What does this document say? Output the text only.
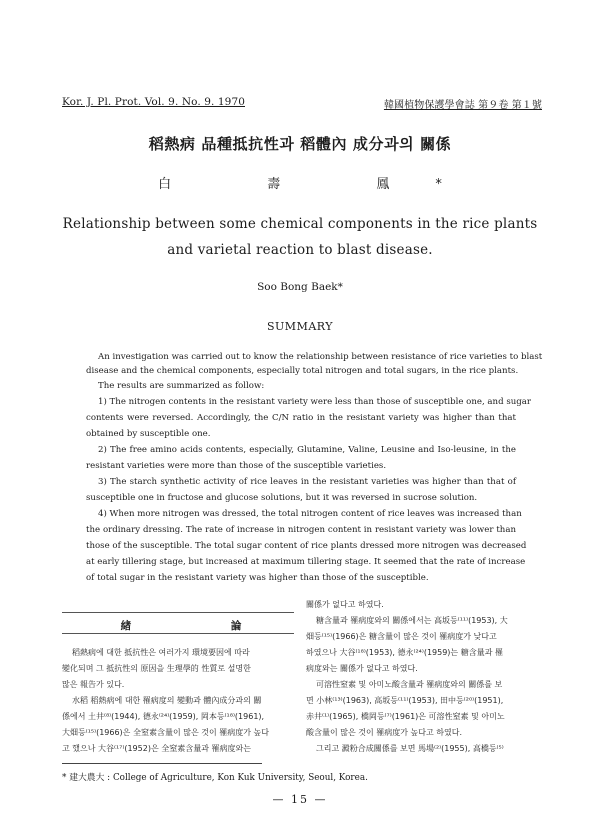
Kor. J. Pl. Prot. Vol. 9. No. 9. 1970	韓國植物保護學會誌 第９卷 第１號
稻熱病 品種抵抗性과 稻體內 成分과의 關係
白 壽 鳳*
Relationship between some chemical components in the rice plants
and varietal reaction to blast disease.
Soo Bong Baek*
SUMMARY

An investigation was carried out to know the relationship between resistance of rice varieties to blast

disease and the chemical components, especially total nitrogen and total sugars, in the rice plants.

The results are summarized as follow:

1) The nitrogen contents in the resistant variety were less than those of susceptible one, and sugar

contents were reversed. Accordingly, the C/N ratio in the resistant variety was higher than that

obtained by susceptible one.

2) The free amino acids contents, especially, Glutamine, Valine, Leusine and Iso-leusine, in the

resistant varieties were more than those of the susceptible varieties.

3) The starch synthetic activity of rice leaves in the resistant varieties was higher than that of

susceptible one in fructose and glucose solutions, but it was reversed in sucrose solution.

4) When more nitrogen was dressed, the total nitrogen content of rice leaves was increased than

the ordinary dressing. The rate of increase in nitrogen content in resistant variety was lower than

those of the susceptible. The total sugar content of rice plants dressed more nitrogen was decreased

at early tillering stage, but increased at maximum tillering stage. It seemed that the rate of increase

of total sugar in the resistant variety was higher than those of the susceptible.

緖 論

稻熱病에 대한 抵抗性은 여러가지 環境要因에 따라

變化되며 그 抵抗性의 原因을 生理學的 性質로 설명한

많은 報告가 있다.

水稻 稻熱病에 대한 罹病度의 變動과 體內成分과의 關

係에서 土井⁽⁸⁾(1944), 德永⁽²⁴⁾(1959), 岡本등⁽¹⁸⁾(1961),

大畑등⁽¹⁵⁾(1966)은 全窒素含量이 많은 것이 罹病度가 높다

고 했으나 大谷⁽¹⁷⁾(1952)은 全窒素含量과 罹病度와는

關係가 없다고 하였다.

糖含量과 罹病度와의 關係에서는 高坂등⁽¹¹⁾(1953), 大

畑등⁽¹⁵⁾(1966)은 糖含量이 많은 것이 罹病度가 낮다고

하였으나 大谷⁽¹⁸⁾(1953), 德永⁽²⁴⁾(1959)는 糖含量과 罹

病度와는 關係가 없다고 하였다.

可溶性窒素 및 아미노酸含量과 罹病度와의 關係를 보

면 小林⁽¹³⁾(1963), 高坂등⁽¹¹⁾(1953), 田中등⁽²⁰⁾(1951),

赤井⁽¹⁾(1965), 橋岡등⁽⁷⁾(1961)은 可溶性窒素 및 아미노

酸含量이 많은 것이 罹病度가 높다고 하였다.

그리고 澱粉合成關係를 보면 馬場⁽²⁾(1955), 高橋등⁽⁵⁾

* 建大農大 : College of Agriculture, Kon Kuk University, Seoul, Korea.
— 15 —
